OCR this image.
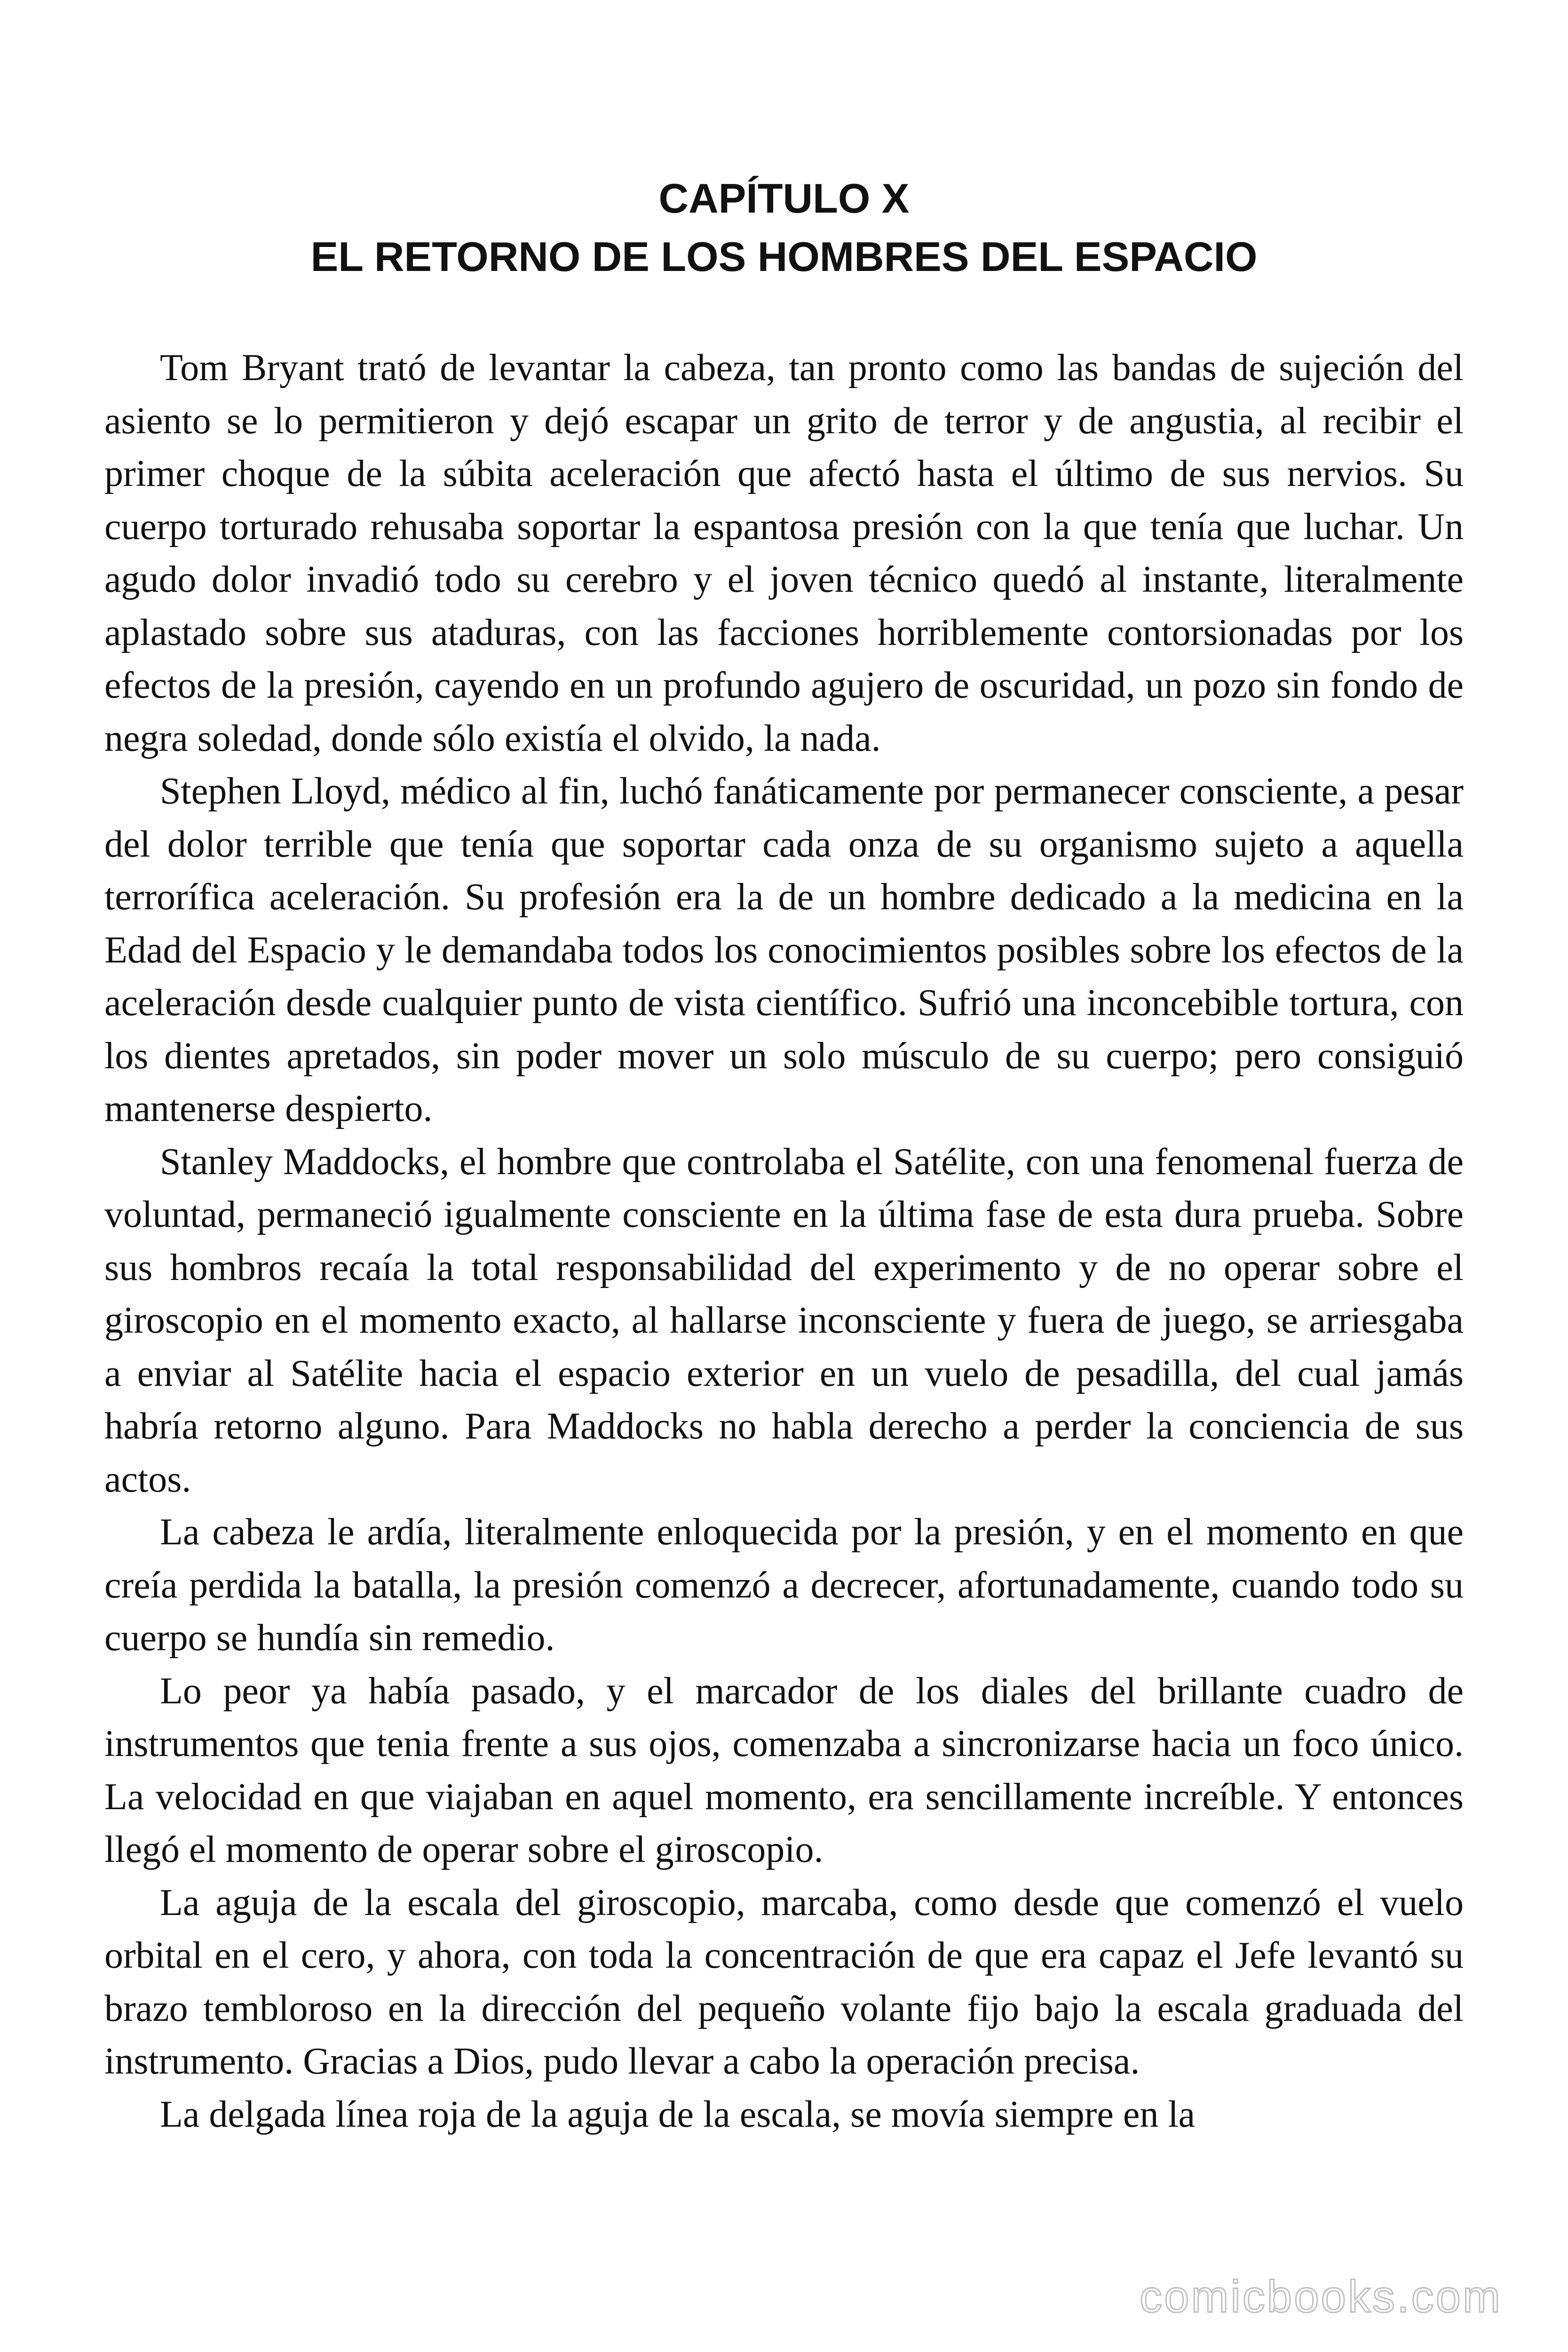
CAPÍTULO X
EL RETORNO DE LOS HOMBRES DEL ESPACIO

Tom Bryant trató de levantar la cabeza, tan pronto como las bandas de sujeción del asiento se lo permitieron y dejó escapar un grito de terror y de angustia, al recibir el primer choque de la súbita aceleración que afectó hasta el último de sus nervios. Su cuerpo torturado rehusaba soportar la espantosa presión con la que tenía que luchar. Un agudo dolor invadió todo su cerebro y el joven técnico quedó al instante, literalmente aplastado sobre sus ataduras, con las facciones horriblemente contorsionadas por los efectos de la presión, cayendo en un profundo agujero de oscuridad, un pozo sin fondo de negra soledad, donde sólo existía el olvido, la nada.

Stephen Lloyd, médico al fin, luchó fanáticamente por permanecer consciente, a pesar del dolor terrible que tenía que soportar cada onza de su organismo sujeto a aquella terrorífica aceleración. Su profesión era la de un hombre dedicado a la medicina en la Edad del Espacio y le demandaba todos los conocimientos posibles sobre los efectos de la aceleración desde cualquier punto de vista científico. Sufrió una inconcebible tortura, con los dientes apretados, sin poder mover un solo músculo de su cuerpo; pero consiguió mantenerse despierto.

Stanley Maddocks, el hombre que controlaba el Satélite, con una fenomenal fuerza de voluntad, permaneció igualmente consciente en la última fase de esta dura prueba. Sobre sus hombros recaía la total responsabilidad del experimento y de no operar sobre el giroscopio en el momento exacto, al hallarse inconsciente y fuera de juego, se arriesgaba a enviar al Satélite hacia el espacio exterior en un vuelo de pesadilla, del cual jamás habría retorno alguno. Para Maddocks no habla derecho a perder la conciencia de sus actos.

La cabeza le ardía, literalmente enloquecida por la presión, y en el momento en que creía perdida la batalla, la presión comenzó a decrecer, afortunadamente, cuando todo su cuerpo se hundía sin remedio.

Lo peor ya había pasado, y el marcador de los diales del brillante cuadro de instrumentos que tenia frente a sus ojos, comenzaba a sincronizarse hacia un foco único. La velocidad en que viajaban en aquel momento, era sencillamente increíble. Y entonces llegó el momento de operar sobre el giroscopio.

La aguja de la escala del giroscopio, marcaba, como desde que comenzó el vuelo orbital en el cero, y ahora, con toda la concentración de que era capaz el Jefe levantó su brazo tembloroso en la dirección del pequeño volante fijo bajo la escala graduada del instrumento. Gracias a Dios, pudo llevar a cabo la operación precisa.

La delgada línea roja de la aguja de la escala, se movía siempre en la

comicbooks.com
